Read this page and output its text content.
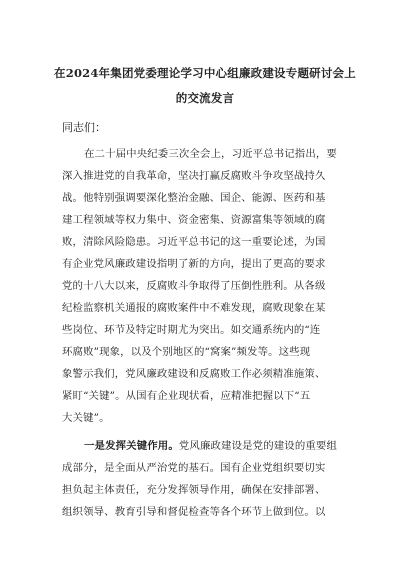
在2024年集团党委理论学习中心组廉政建设专题研讨会上
的交流发言
同志们：
在二十届中央纪委三次全会上，习近平总书记指出，要
深入推进党的自我革命，坚决打赢反腐败斗争攻坚战持久
战。他特别强调要深化整治金融、国企、能源、医药和基
建工程领域等权力集中、资金密集、资源富集等领域的腐
败，清除风险隐患。习近平总书记的这一重要论述，为国
有企业党风廉政建设指明了新的方向，提出了更高的要求
党的十八大以来，反腐败斗争取得了压倒性胜利。从各级
纪检监察机关通报的腐败案件中不难发现，腐败现象在某
些岗位、环节及特定时期尤为突出。如交通系统内的“连
环腐败”现象，以及个别地区的“窝案”频发等。这些现
象警示我们，党风廉政建设和反腐败工作必须精准施策、
紧盯“关键”。从国有企业现状看，应精准把握以下“五
大关键”。
一是发挥关键作用。党风廉政建设是党的建设的重要组
成部分，是全面从严治党的基石。国有企业党组织要切实
担负起主体责任，充分发挥领导作用，确保在安排部署、
组织领导、教育引导和督促检查等各个环节上做到位。以
